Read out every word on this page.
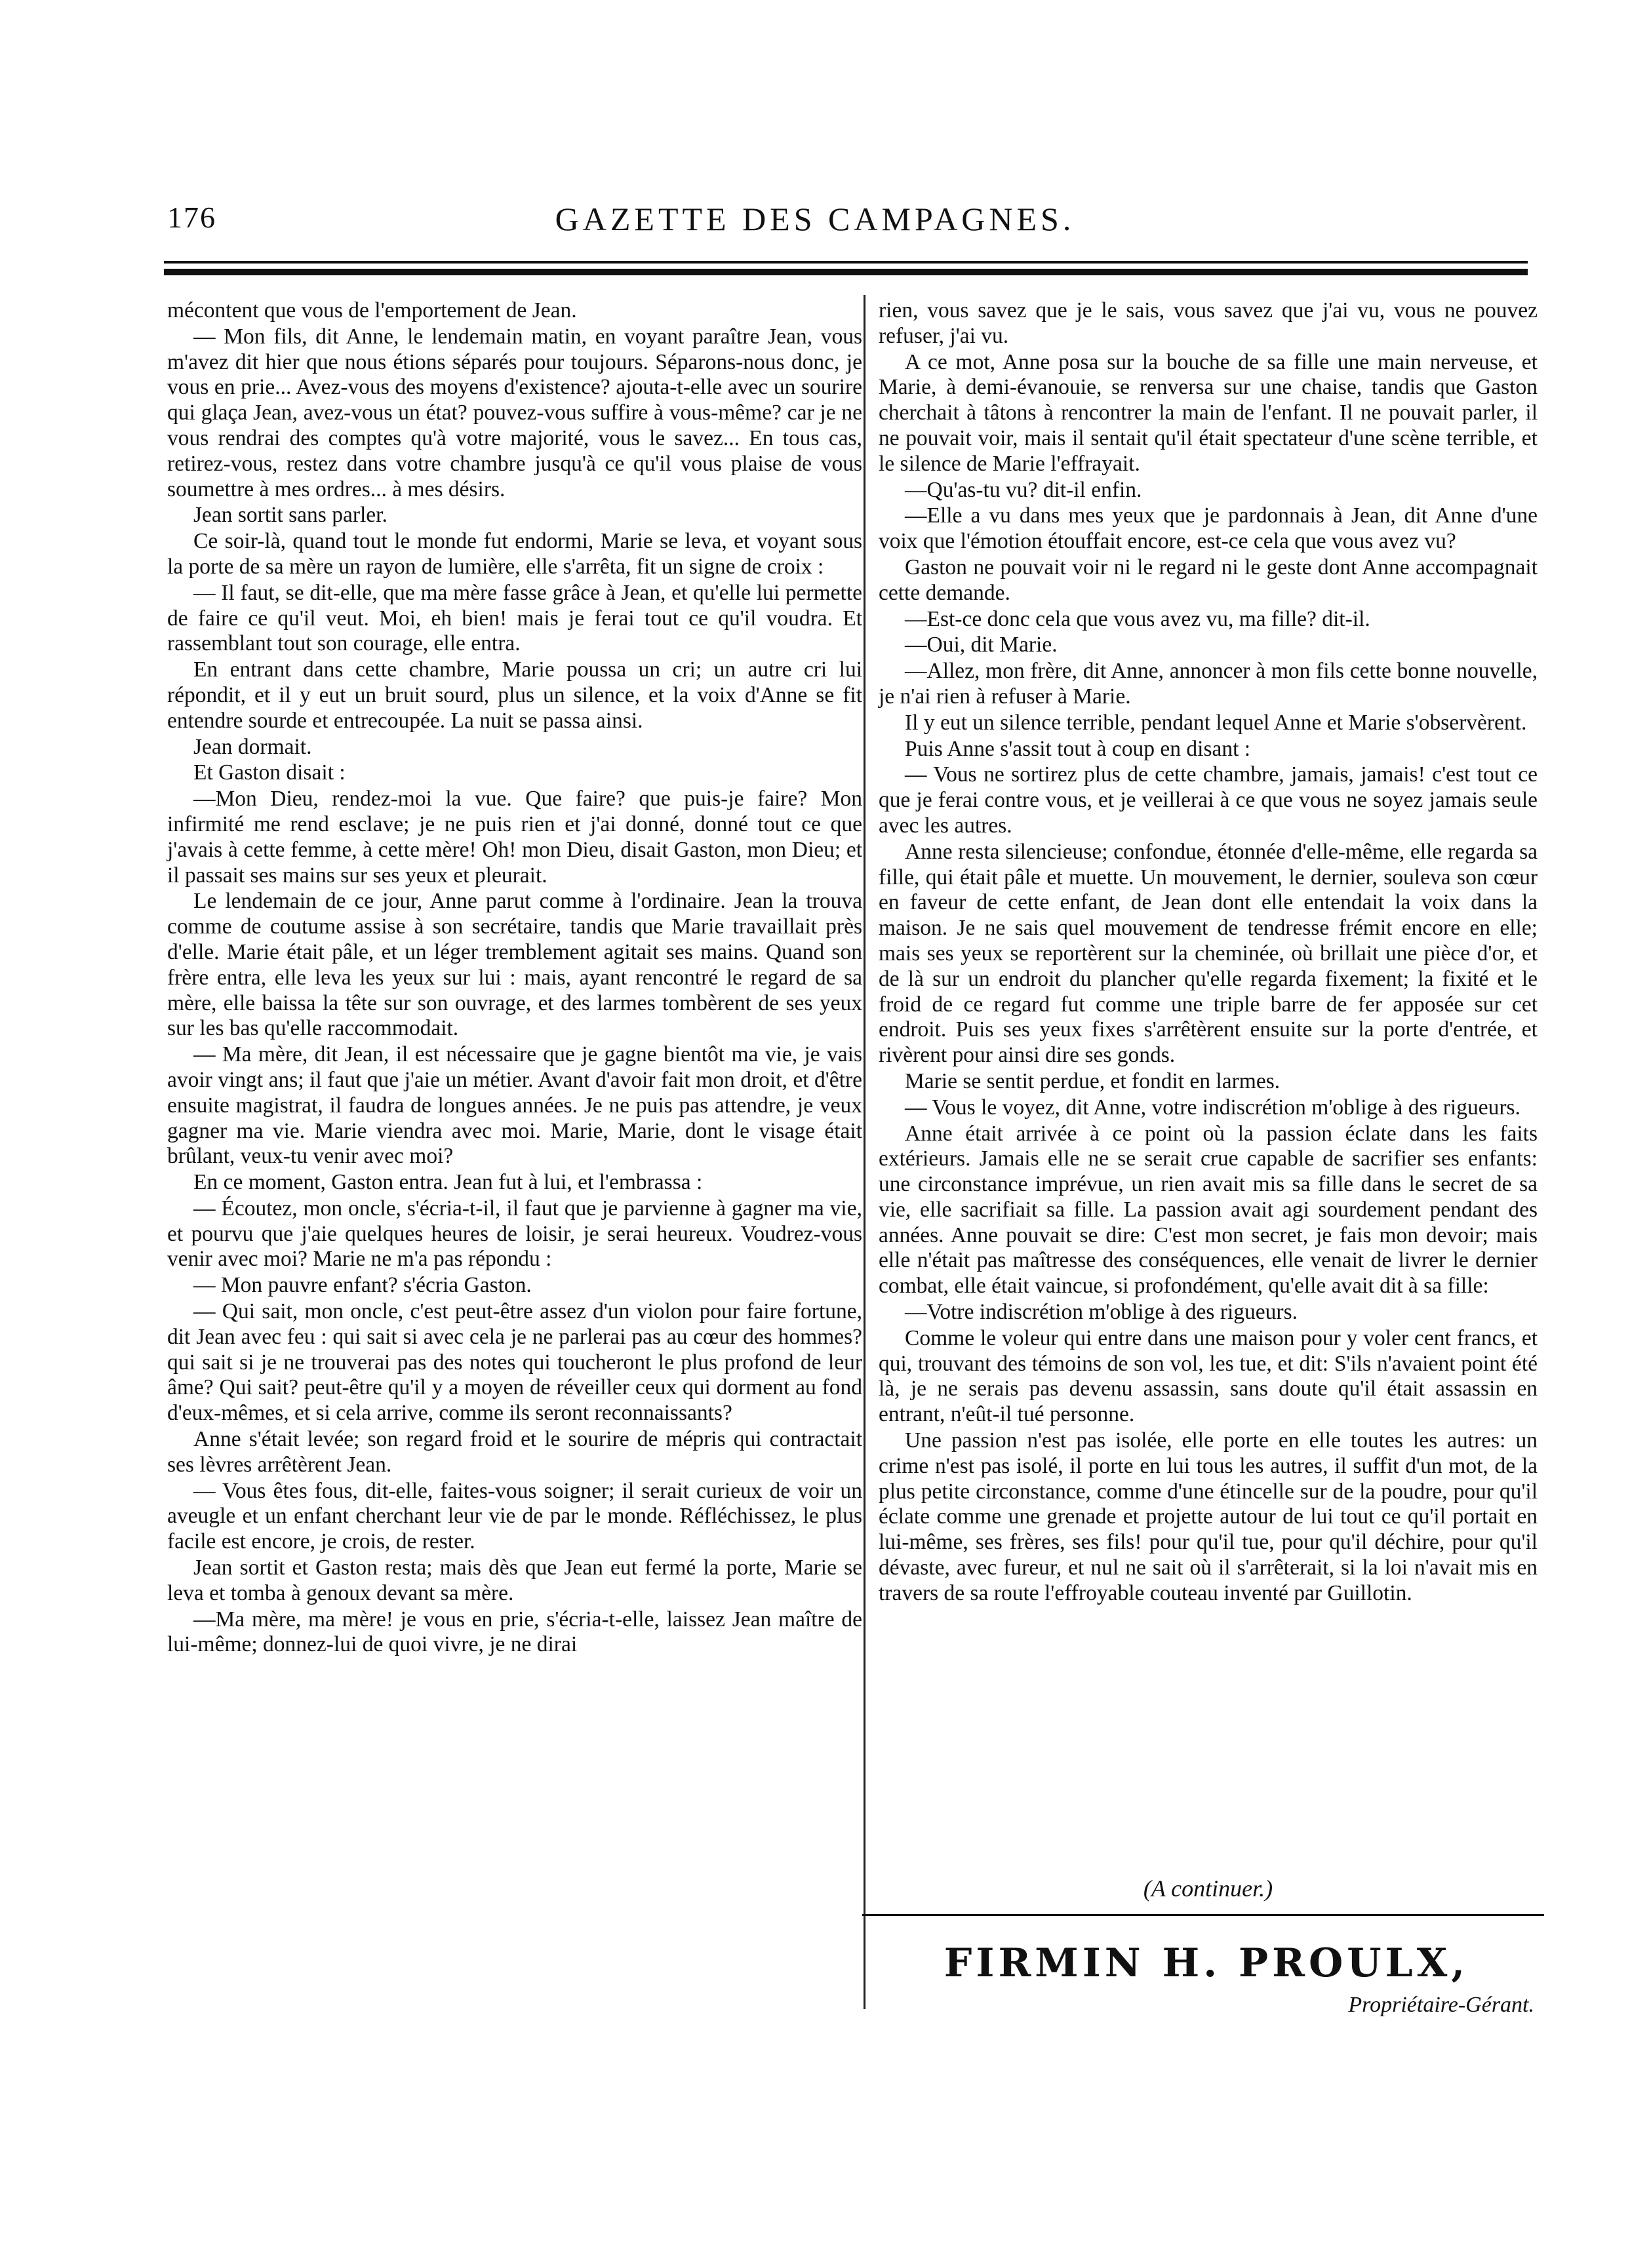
176	GAZETTE DES CAMPAGNES.

mécontent que vous de l'emportement de Jean.

— Mon fils, dit Anne, le lendemain matin, en voyant paraître Jean, vous m'avez dit hier que nous étions séparés pour toujours. Séparons-nous donc, je vous en prie... Avez-vous des moyens d'existence? ajouta-t-elle avec un sourire qui glaça Jean, avez-vous un état? pouvez-vous suffire à vous-même? car je ne vous rendrai des comptes qu'à votre majorité, vous le savez... En tous cas, retirez-vous, restez dans votre chambre jusqu'à ce qu'il vous plaise de vous soumettre à mes ordres... à mes désirs.

Jean sortit sans parler.

Ce soir-là, quand tout le monde fut endormi, Marie se leva, et voyant sous la porte de sa mère un rayon de lumière, elle s'arrêta, fit un signe de croix :

— Il faut, se dit-elle, que ma mère fasse grâce à Jean, et qu'elle lui permette de faire ce qu'il veut. Moi, eh bien! mais je ferai tout ce qu'il voudra. Et rassemblant tout son courage, elle entra.

En entrant dans cette chambre, Marie poussa un cri; un autre cri lui répondit, et il y eut un bruit sourd, plus un silence, et la voix d'Anne se fit entendre sourde et entrecoupée. La nuit se passa ainsi.

Jean dormait.

Et Gaston disait :

—Mon Dieu, rendez-moi la vue. Que faire? que puis-je faire? Mon infirmité me rend esclave; je ne puis rien et j'ai donné, donné tout ce que j'avais à cette femme, à cette mère! Oh! mon Dieu, disait Gaston, mon Dieu; et il passait ses mains sur ses yeux et pleurait.

Le lendemain de ce jour, Anne parut comme à l'ordinaire. Jean la trouva comme de coutume assise à son secrétaire, tandis que Marie travaillait près d'elle. Marie était pâle, et un léger tremblement agitait ses mains. Quand son frère entra, elle leva les yeux sur lui : mais, ayant rencontré le regard de sa mère, elle baissa la tête sur son ouvrage, et des larmes tombèrent de ses yeux sur les bas qu'elle raccommodait.

— Ma mère, dit Jean, il est nécessaire que je gagne bientôt ma vie, je vais avoir vingt ans; il faut que j'aie un métier. Avant d'avoir fait mon droit, et d'être ensuite magistrat, il faudra de longues années. Je ne puis pas attendre, je veux gagner ma vie. Marie viendra avec moi. Marie, Marie, dont le visage était brûlant, veux-tu venir avec moi?

En ce moment, Gaston entra. Jean fut à lui, et l'embrassa :

— Écoutez, mon oncle, s'écria-t-il, il faut que je parvienne à gagner ma vie, et pourvu que j'aie quelques heures de loisir, je serai heureux. Voudrez-vous venir avec moi? Marie ne m'a pas répondu :

— Mon pauvre enfant? s'écria Gaston.

— Qui sait, mon oncle, c'est peut-être assez d'un violon pour faire fortune, dit Jean avec feu : qui sait si avec cela je ne parlerai pas au cœur des hommes? qui sait si je ne trouverai pas des notes qui toucheront le plus profond de leur âme? Qui sait? peut-être qu'il y a moyen de réveiller ceux qui dorment au fond d'eux-mêmes, et si cela arrive, comme ils seront reconnaissants?

Anne s'était levée; son regard froid et le sourire de mépris qui contractait ses lèvres arrêtèrent Jean.

— Vous êtes fous, dit-elle, faites-vous soigner; il serait curieux de voir un aveugle et un enfant cherchant leur vie de par le monde. Réfléchissez, le plus facile est encore, je crois, de rester.

Jean sortit et Gaston resta; mais dès que Jean eut fermé la porte, Marie se leva et tomba à genoux devant sa mère.

—Ma mère, ma mère! je vous en prie, s'écria-t-elle, laissez Jean maître de lui-même; donnez-lui de quoi vivre, je ne dirai

rien, vous savez que je le sais, vous savez que j'ai vu, vous ne pouvez refuser, j'ai vu.

A ce mot, Anne posa sur la bouche de sa fille une main nerveuse, et Marie, à demi-évanouie, se renversa sur une chaise, tandis que Gaston cherchait à tâtons à rencontrer la main de l'enfant. Il ne pouvait parler, il ne pouvait voir, mais il sentait qu'il était spectateur d'une scène terrible, et le silence de Marie l'effrayait.

—Qu'as-tu vu? dit-il enfin.

—Elle a vu dans mes yeux que je pardonnais à Jean, dit Anne d'une voix que l'émotion étouffait encore, est-ce cela que vous avez vu?

Gaston ne pouvait voir ni le regard ni le geste dont Anne accompagnait cette demande.

—Est-ce donc cela que vous avez vu, ma fille? dit-il.

—Oui, dit Marie.

—Allez, mon frère, dit Anne, annoncer à mon fils cette bonne nouvelle, je n'ai rien à refuser à Marie.

Il y eut un silence terrible, pendant lequel Anne et Marie s'observèrent.

Puis Anne s'assit tout à coup en disant :

— Vous ne sortirez plus de cette chambre, jamais, jamais! c'est tout ce que je ferai contre vous, et je veillerai à ce que vous ne soyez jamais seule avec les autres.

Anne resta silencieuse; confondue, étonnée d'elle-même, elle regarda sa fille, qui était pâle et muette. Un mouvement, le dernier, souleva son cœur en faveur de cette enfant, de Jean dont elle entendait la voix dans la maison. Je ne sais quel mouvement de tendresse frémit encore en elle; mais ses yeux se reportèrent sur la cheminée, où brillait une pièce d'or, et de là sur un endroit du plancher qu'elle regarda fixement; la fixité et le froid de ce regard fut comme une triple barre de fer apposée sur cet endroit. Puis ses yeux fixes s'arrêtèrent ensuite sur la porte d'entrée, et rivèrent pour ainsi dire ses gonds.

Marie se sentit perdue, et fondit en larmes.

— Vous le voyez, dit Anne, votre indiscrétion m'oblige à des rigueurs.

Anne était arrivée à ce point où la passion éclate dans les faits extérieurs. Jamais elle ne se serait crue capable de sacrifier ses enfants: une circonstance imprévue, un rien avait mis sa fille dans le secret de sa vie, elle sacrifiait sa fille. La passion avait agi sourdement pendant des années. Anne pouvait se dire: C'est mon secret, je fais mon devoir; mais elle n'était pas maîtresse des conséquences, elle venait de livrer le dernier combat, elle était vaincue, si profondément, qu'elle avait dit à sa fille:

—Votre indiscrétion m'oblige à des rigueurs.

Comme le voleur qui entre dans une maison pour y voler cent francs, et qui, trouvant des témoins de son vol, les tue, et dit: S'ils n'avaient point été là, je ne serais pas devenu assassin, sans doute qu'il était assassin en entrant, n'eût-il tué personne.

Une passion n'est pas isolée, elle porte en elle toutes les autres: un crime n'est pas isolé, il porte en lui tous les autres, il suffit d'un mot, de la plus petite circonstance, comme d'une étincelle sur de la poudre, pour qu'il éclate comme une grenade et projette autour de lui tout ce qu'il portait en lui-même, ses frères, ses fils! pour qu'il tue, pour qu'il déchire, pour qu'il dévaste, avec fureur, et nul ne sait où il s'arrêterait, si la loi n'avait mis en travers de sa route l'effroyable couteau inventé par Guillotin.

(A continuer.)
FIRMIN H. PROULX,
Propriétaire-Gérant.
